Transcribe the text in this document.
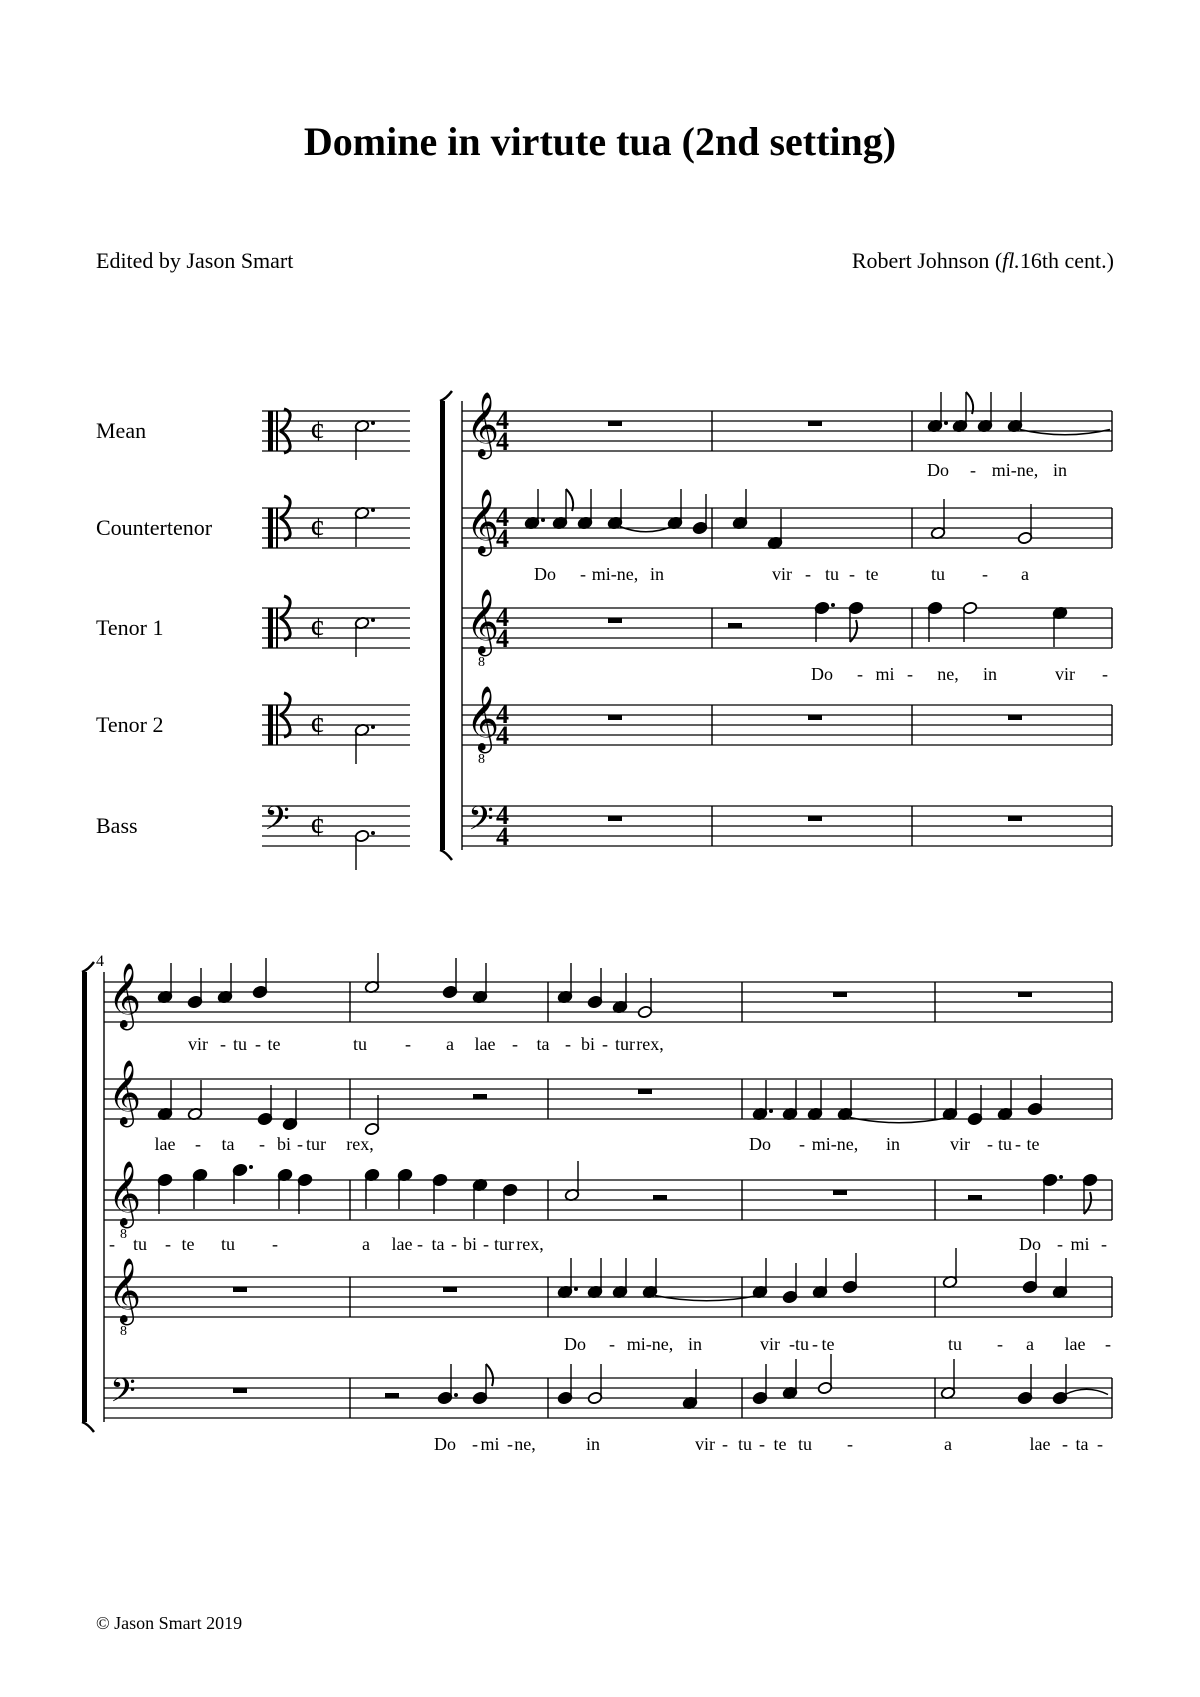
Domine in virtute tua (2nd setting)
Edited by Jason Smart	Robert Johnson (fl.16th cent.)
Mean
Countertenor
Tenor 1
Tenor 2
Bass
¢
¢
¢
¢
𝄢 ¢
𝄞
4
4
𝄞
4
4
𝄞
8
4
4
𝄞
8
4
4
𝄢 4
4
Do - mi-ne, in
Do - mi-ne, in	vir - tu - te	tu - a
Do - mi - ne, in	vir -
𝄞
𝄞
𝄞
8
𝄞
8
𝄢
vir - tu - te	tu - a lae - ta - bi - tur rex,
lae - ta - bi - tur rex,	Do - mi-ne, in	vir - tu - te
- tu - te tu -	a lae - ta - bi - tur rex,	Do - mi -
Do - mi-ne, in	vir - tu - te	tu - a lae -
Do - mi - ne,	in	vir - tu - te tu -	a	lae - ta -
4
© Jason Smart 2019
